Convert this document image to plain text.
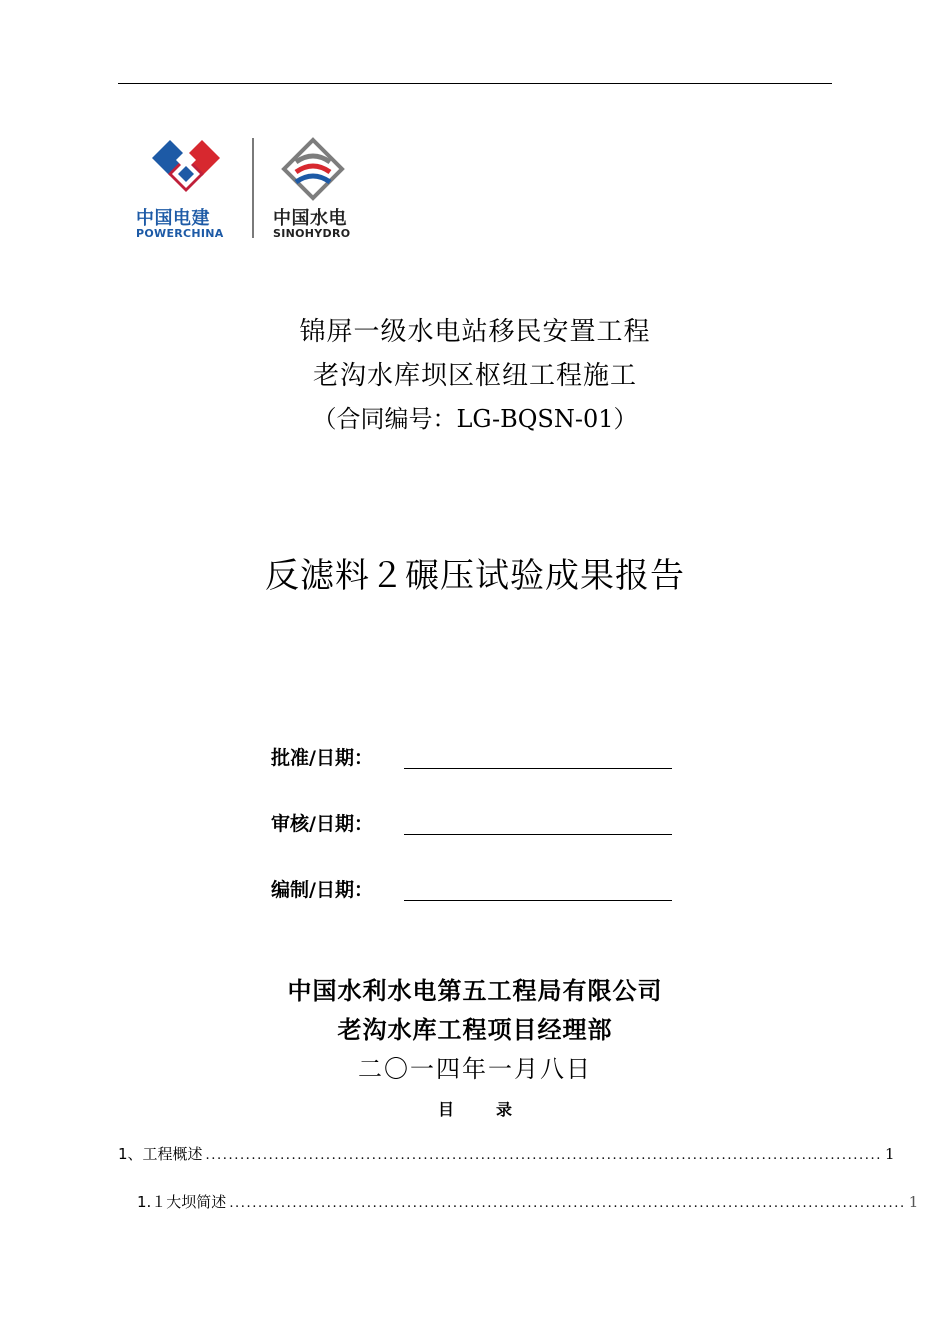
中国电建
POWERCHINA
中国水电
SINOHYDRO
锦屏一级水电站移民安置工程
老沟水库坝区枢纽工程施工
（合同编号：LG-BQSN-01）
反滤料２碾压试验成果报告
批准/日期：
审核/日期：
编制/日期：
中国水利水电第五工程局有限公司
老沟水库工程项目经理部
二〇一四年一月八日
目	录
1、工程概述 ...................................................................................................................... 1
1.１大坝简述 ...................................................................................................................... 1
